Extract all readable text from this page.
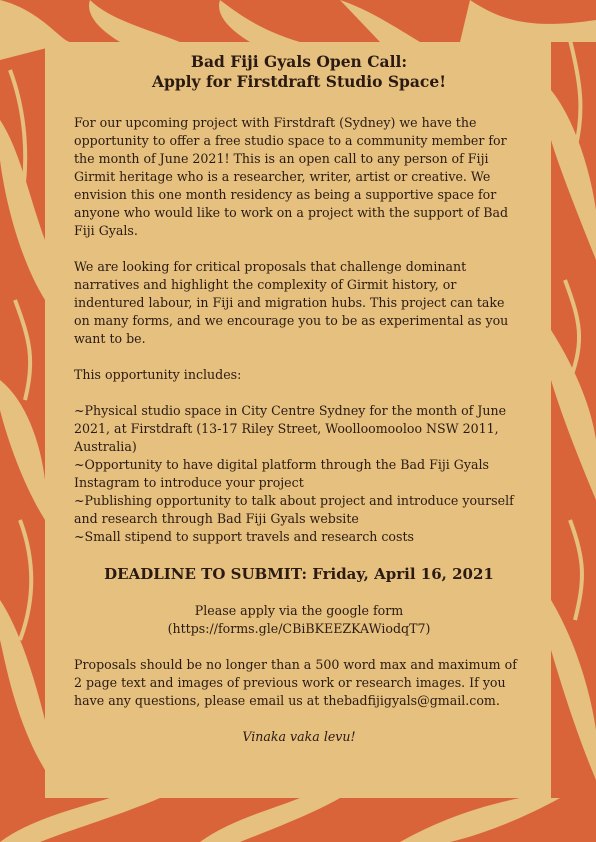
Bad Fiji Gyals Open Call:
Apply for Firstdraft Studio Space!

For our upcoming project with Firstdraft (Sydney) we have the opportunity to offer a free studio space to a community member for the month of June 2021! This is an open call to any person of Fiji Girmit heritage who is a researcher, writer, artist or creative. We envision this one month residency as being a supportive space for anyone who would like to work on a project with the support of Bad Fiji Gyals.

We are looking for critical proposals that challenge dominant narratives and highlight the complexity of Girmit history, or indentured labour, in Fiji and migration hubs. This project can take on many forms, and we encourage you to be as experimental as you want to be.

This opportunity includes:

~Physical studio space in City Centre Sydney for the month of June 2021, at Firstdraft (13-17 Riley Street, Woolloomooloo NSW 2011, Australia)

~Opportunity to have digital platform through the Bad Fiji Gyals Instagram to introduce your project

~Publishing opportunity to talk about project and introduce yourself and research through Bad Fiji Gyals website

~Small stipend to support travels and research costs

DEADLINE TO SUBMIT: Friday, April 16, 2021

Please apply via the google form
(https://forms.gle/CBiBKEEZKAWiodqT7)

Proposals should be no longer than a 500 word max and maximum of 2 page text and images of previous work or research images. If you have any questions, please email us at thebadfijigyals@gmail.com.

Vinaka vaka levu!
